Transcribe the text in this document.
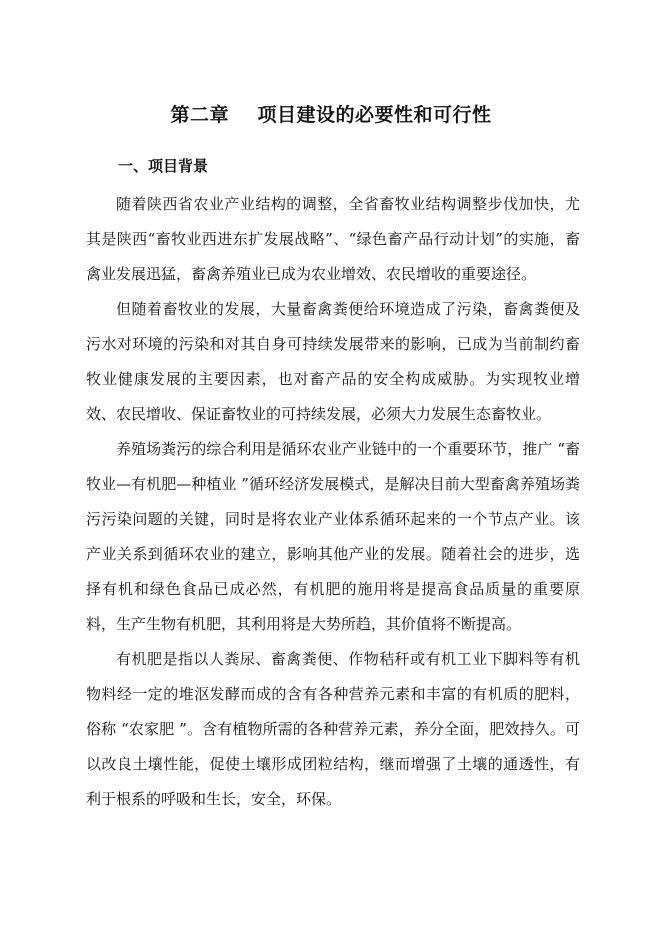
第二章    项目建设的必要性和可行性
一、项目背景

随着陕西省农业产业结构的调整，全省畜牧业结构调整步伐加快，尤其是陕西“畜牧业西进东扩发展战略”、“绿色畜产品行动计划”的实施，畜禽业发展迅猛，畜禽养殖业已成为农业增效、农民增收的重要途径。

但随着畜牧业的发展，大量畜禽粪便给环境造成了污染，畜禽粪便及污水对环境的污染和对其自身可持续发展带来的影响，已成为当前制约畜牧业健康发展的主要因素，也对畜产品的安全构成威胁。为实现牧业增效、农民增收、保证畜牧业的可持续发展，必须大力发展生态畜牧业。

养殖场粪污的综合利用是循环农业产业链中的一个重要环节，推广 “畜牧业—有机肥—种植业 ”循环经济发展模式，是解决目前大型畜禽养殖场粪污污染问题的关键，同时是将农业产业体系循环起来的一个节点产业。该产业关系到循环农业的建立，影响其他产业的发展。随着社会的进步，选择有机和绿色食品已成必然，有机肥的施用将是提高食品质量的重要原料，生产生物有机肥，其利用将是大势所趋，其价值将不断提高。

有机肥是指以人粪尿、畜禽粪便、作物秸秆或有机工业下脚料等有机物料经一定的堆沤发酵而成的含有各种营养元素和丰富的有机质的肥料，俗称 “农家肥 ”。含有植物所需的各种营养元素，养分全面，肥效持久。可以改良土壤性能，促使土壤形成团粒结构，继而增强了土壤的通透性，有利于根系的呼吸和生长，安全，环保。
